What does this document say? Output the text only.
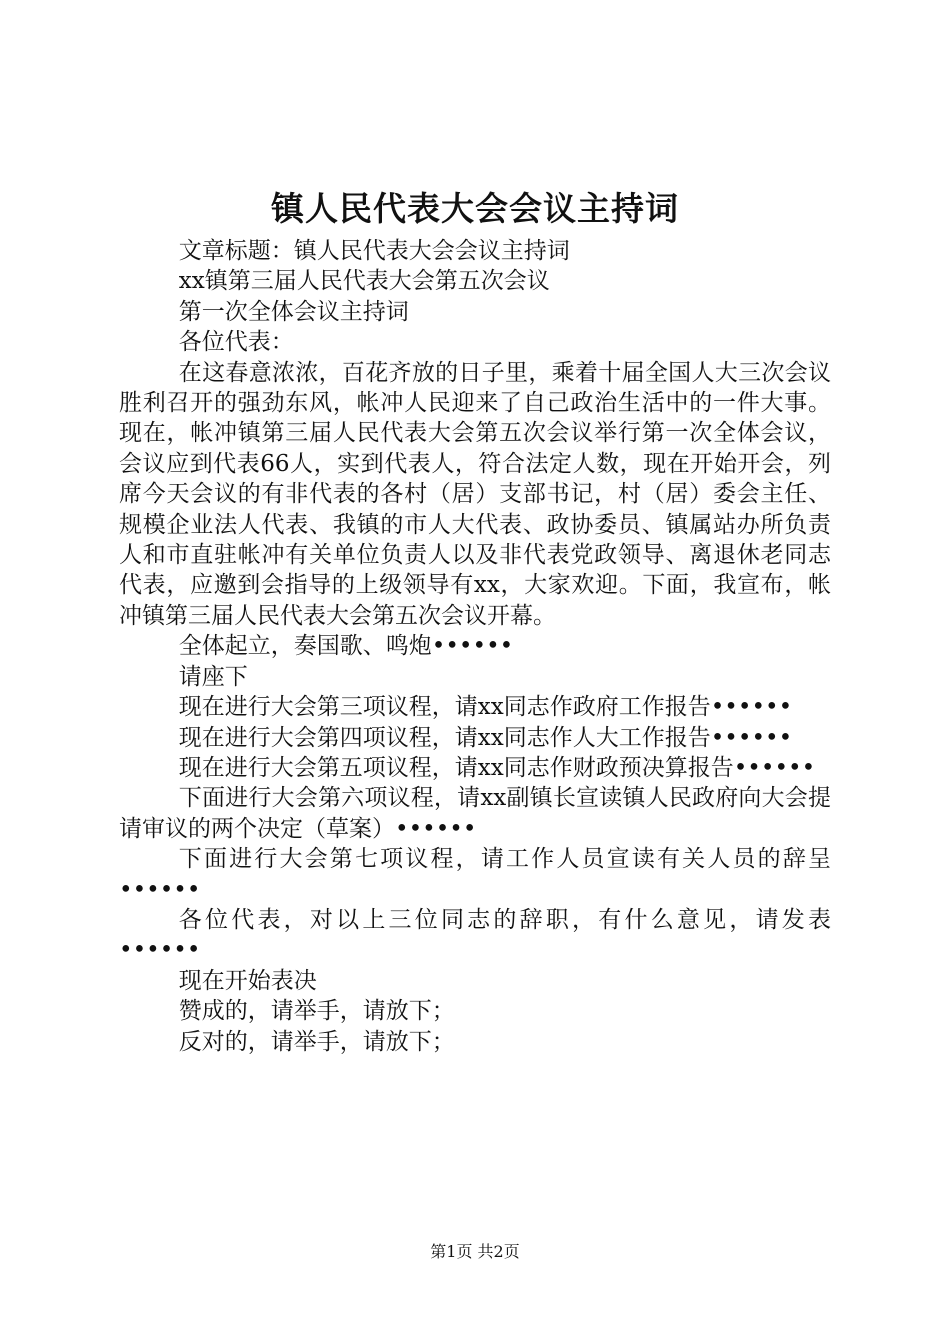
镇人民代表大会会议主持词

文章标题：镇人民代表大会会议主持词

xx镇第三届人民代表大会第五次会议

第一次全体会议主持词

各位代表：

在这春意浓浓，百花齐放的日子里，乘着十届全国人大三次会议胜利召开的强劲东风，帐冲人民迎来了自己政治生活中的一件大事。现在，帐冲镇第三届人民代表大会第五次会议举行第一次全体会议，会议应到代表66人，实到代表人，符合法定人数，现在开始开会，列席今天会议的有非代表的各村（居）支部书记，村（居）委会主任、规模企业法人代表、我镇的市人大代表、政协委员、镇属站办所负责人和市直驻帐冲有关单位负责人以及非代表党政领导、离退休老同志代表，应邀到会指导的上级领导有xx，大家欢迎。下面，我宣布，帐冲镇第三届人民代表大会第五次会议开幕。

全体起立，奏国歌、鸣炮••••••

请座下

现在进行大会第三项议程，请xx同志作政府工作报告••••••

现在进行大会第四项议程，请xx同志作人大工作报告••••••

现在进行大会第五项议程，请xx同志作财政预决算报告••••••

下面进行大会第六项议程，请xx副镇长宣读镇人民政府向大会提请审议的两个决定（草案）••••••

下面进行大会第七项议程，请工作人员宣读有关人员的辞呈••••••

各位代表，对以上三位同志的辞职，有什么意见，请发表••••••

现在开始表决

赞成的，请举手，请放下；

反对的，请举手，请放下；

第1页 共2页
